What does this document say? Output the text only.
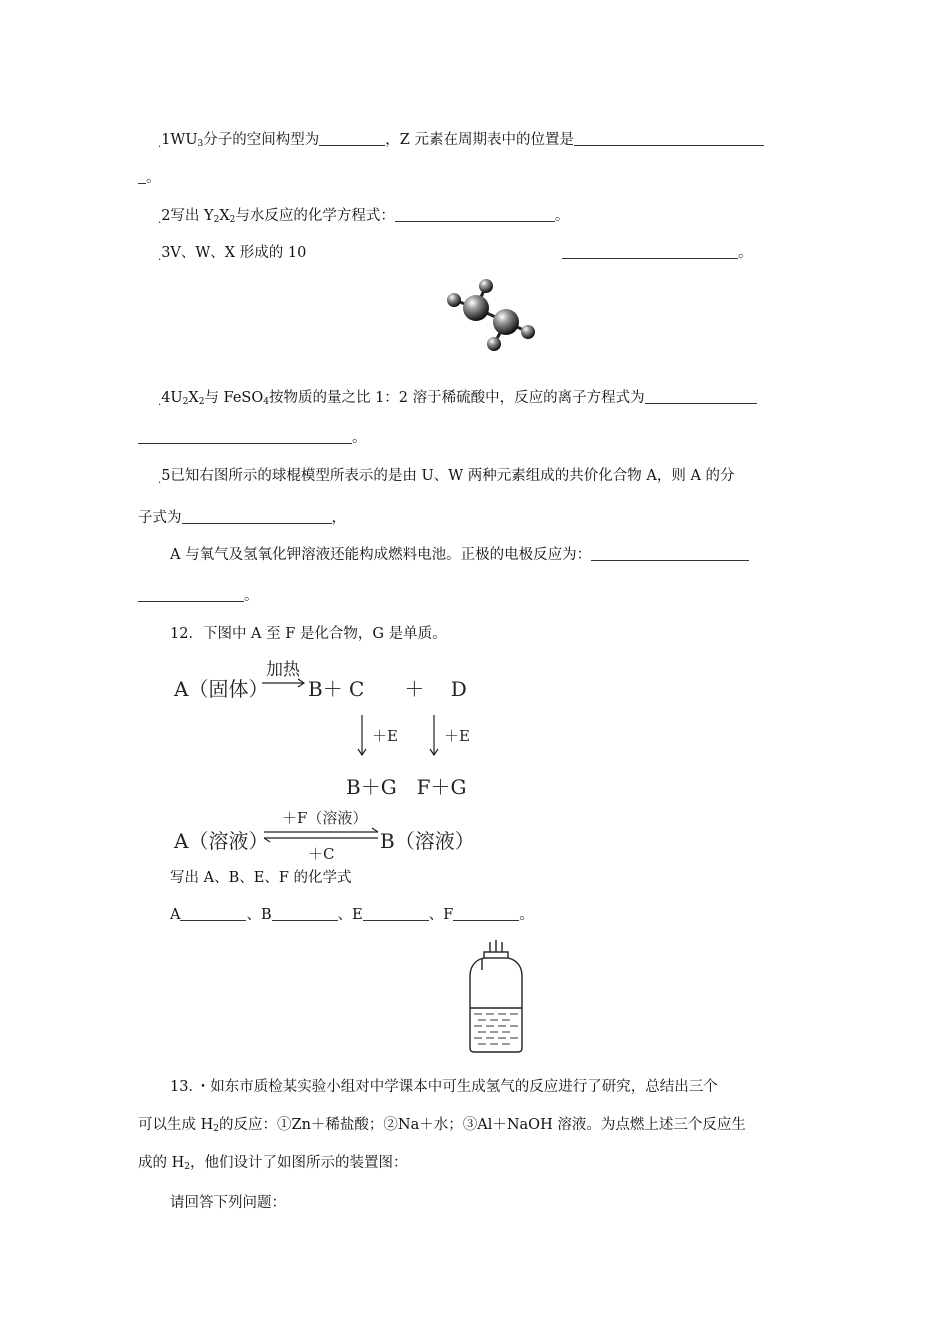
$_.1WU_3$分子的空间构型为	，Z 元素在周期表中的位置是
。
$_.$2写出 $Y_2X_2$与水反应的化学方程式：	。
$_.$3V、W、X 形成的 10	。
$_.4U_2X_2$与 FeSO$_4$按物质的量之比 1：2 溶于稀硫酸中，反应的离子方程式为
。
$_.$5已知右图所示的球棍模型所表示的是由 U、W 两种元素组成的共价化合物 A，则 A 的分
子式为	，
A 与氧气及氢氧化钾溶液还能构成燃料电池。正极的电极反应为：
。
12．下图中 A 至 F 是化合物，G 是单质。
A（固体）
加热
B＋ C　　＋　 D
＋E	＋E
B＋G　F＋G
A（溶液）
＋F（溶液）
＋C
B（溶液）
写出 A、B、E、F 的化学式
A	、B	、E	、F	。
13．・如东市质检某实验小组对中学课本中可生成氢气的反应进行了研究，总结出三个
可以生成 $H_2$的反应：①Zn＋稀盐酸；②Na＋水；③Al＋NaOH 溶液。为点燃上述三个反应生
成的 $H_2$，他们设计了如图所示的装置图：
请回答下列问题：
